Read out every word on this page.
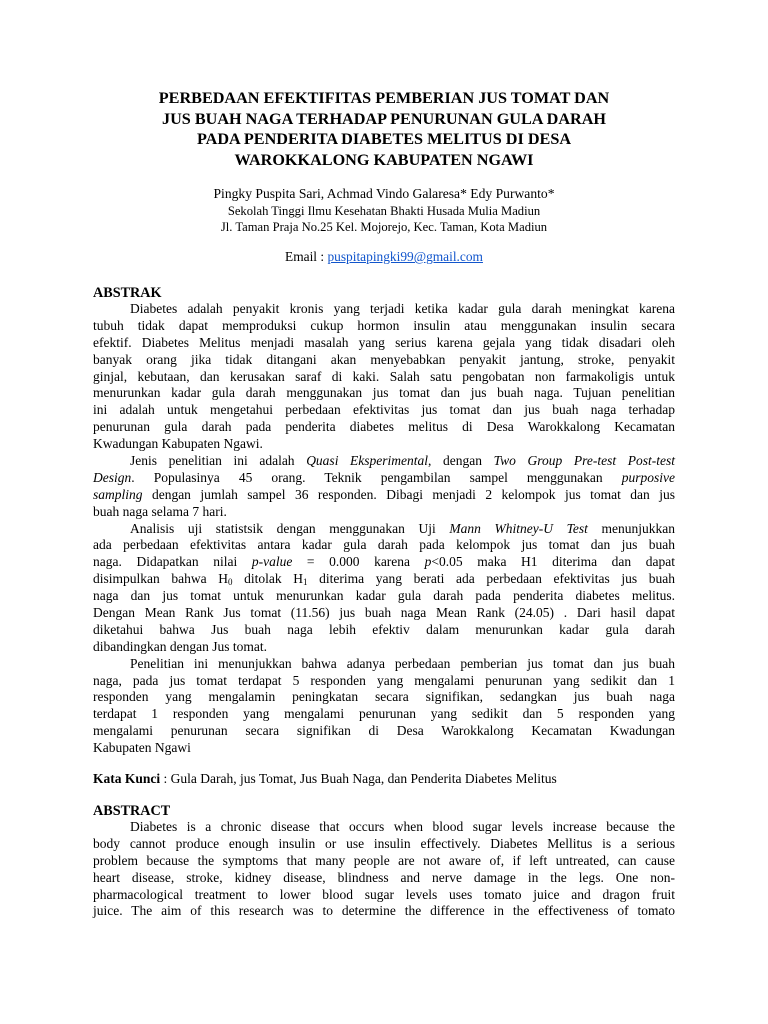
PERBEDAAN EFEKTIFITAS PEMBERIAN JUS TOMAT DAN
JUS BUAH NAGA TERHADAP PENURUNAN GULA DARAH
PADA PENDERITA DIABETES MELITUS DI DESA
WAROKKALONG KABUPATEN NGAWI
Pingky Puspita Sari, Achmad Vindo Galaresa* Edy Purwanto*
Sekolah Tinggi Ilmu Kesehatan Bhakti Husada Mulia Madiun
Jl. Taman Praja No.25 Kel. Mojorejo, Kec. Taman, Kota Madiun
Email : puspitapingki99@gmail.com
ABSTRAK
Diabetes adalah penyakit kronis yang terjadi ketika kadar gula darah meningkat karena
tubuh tidak dapat memproduksi cukup hormon insulin atau menggunakan insulin secara
efektif. Diabetes Melitus menjadi masalah yang serius karena gejala yang tidak disadari oleh
banyak orang jika tidak ditangani akan menyebabkan penyakit jantung, stroke, penyakit
ginjal, kebutaan, dan kerusakan saraf di kaki. Salah satu pengobatan non farmakoligis untuk
menurunkan kadar gula darah menggunakan jus tomat dan jus buah naga. Tujuan penelitian
ini adalah untuk mengetahui perbedaan efektivitas jus tomat dan jus buah naga terhadap
penurunan gula darah pada penderita diabetes melitus di Desa Warokkalong Kecamatan
Kwadungan Kabupaten Ngawi.
Jenis penelitian ini adalah Quasi Eksperimental, dengan Two Group Pre-test Post-test
Design. Populasinya 45 orang. Teknik pengambilan sampel menggunakan purposive
sampling dengan jumlah sampel 36 responden. Dibagi menjadi 2 kelompok jus tomat dan jus
buah naga selama 7 hari.
Analisis uji statistsik dengan menggunakan Uji Mann Whitney-U Test menunjukkan
ada perbedaan efektivitas antara kadar gula darah pada kelompok jus tomat dan jus buah
naga. Didapatkan nilai p-value = 0.000 karena p<0.05 maka H1 diterima dan dapat
disimpulkan bahwa $H_0$ ditolak $H_1$ diterima yang berati ada perbedaan efektivitas jus buah
naga dan jus tomat untuk menurunkan kadar gula darah pada penderita diabetes melitus.
Dengan Mean Rank Jus tomat (11.56) jus buah naga Mean Rank (24.05) . Dari hasil dapat
diketahui bahwa Jus buah naga lebih efektiv dalam menurunkan kadar gula darah
dibandingkan dengan Jus tomat.
Penelitian ini menunjukkan bahwa adanya perbedaan pemberian jus tomat dan jus buah
naga, pada jus tomat terdapat 5 responden yang mengalami penurunan yang sedikit dan 1
responden yang mengalamin peningkatan secara signifikan, sedangkan jus buah naga
terdapat 1 responden yang mengalami penurunan yang sedikit dan 5 responden yang
mengalami penurunan secara signifikan di Desa Warokkalong Kecamatan Kwadungan
Kabupaten Ngawi
Kata Kunci : Gula Darah, jus Tomat, Jus Buah Naga, dan Penderita Diabetes Melitus
ABSTRACT
Diabetes is a chronic disease that occurs when blood sugar levels increase because the
body cannot produce enough insulin or use insulin effectively. Diabetes Mellitus is a serious
problem because the symptoms that many people are not aware of, if left untreated, can cause
heart disease, stroke, kidney disease, blindness and nerve damage in the legs. One non-
pharmacological treatment to lower blood sugar levels uses tomato juice and dragon fruit
juice. The aim of this research was to determine the difference in the effectiveness of tomato
